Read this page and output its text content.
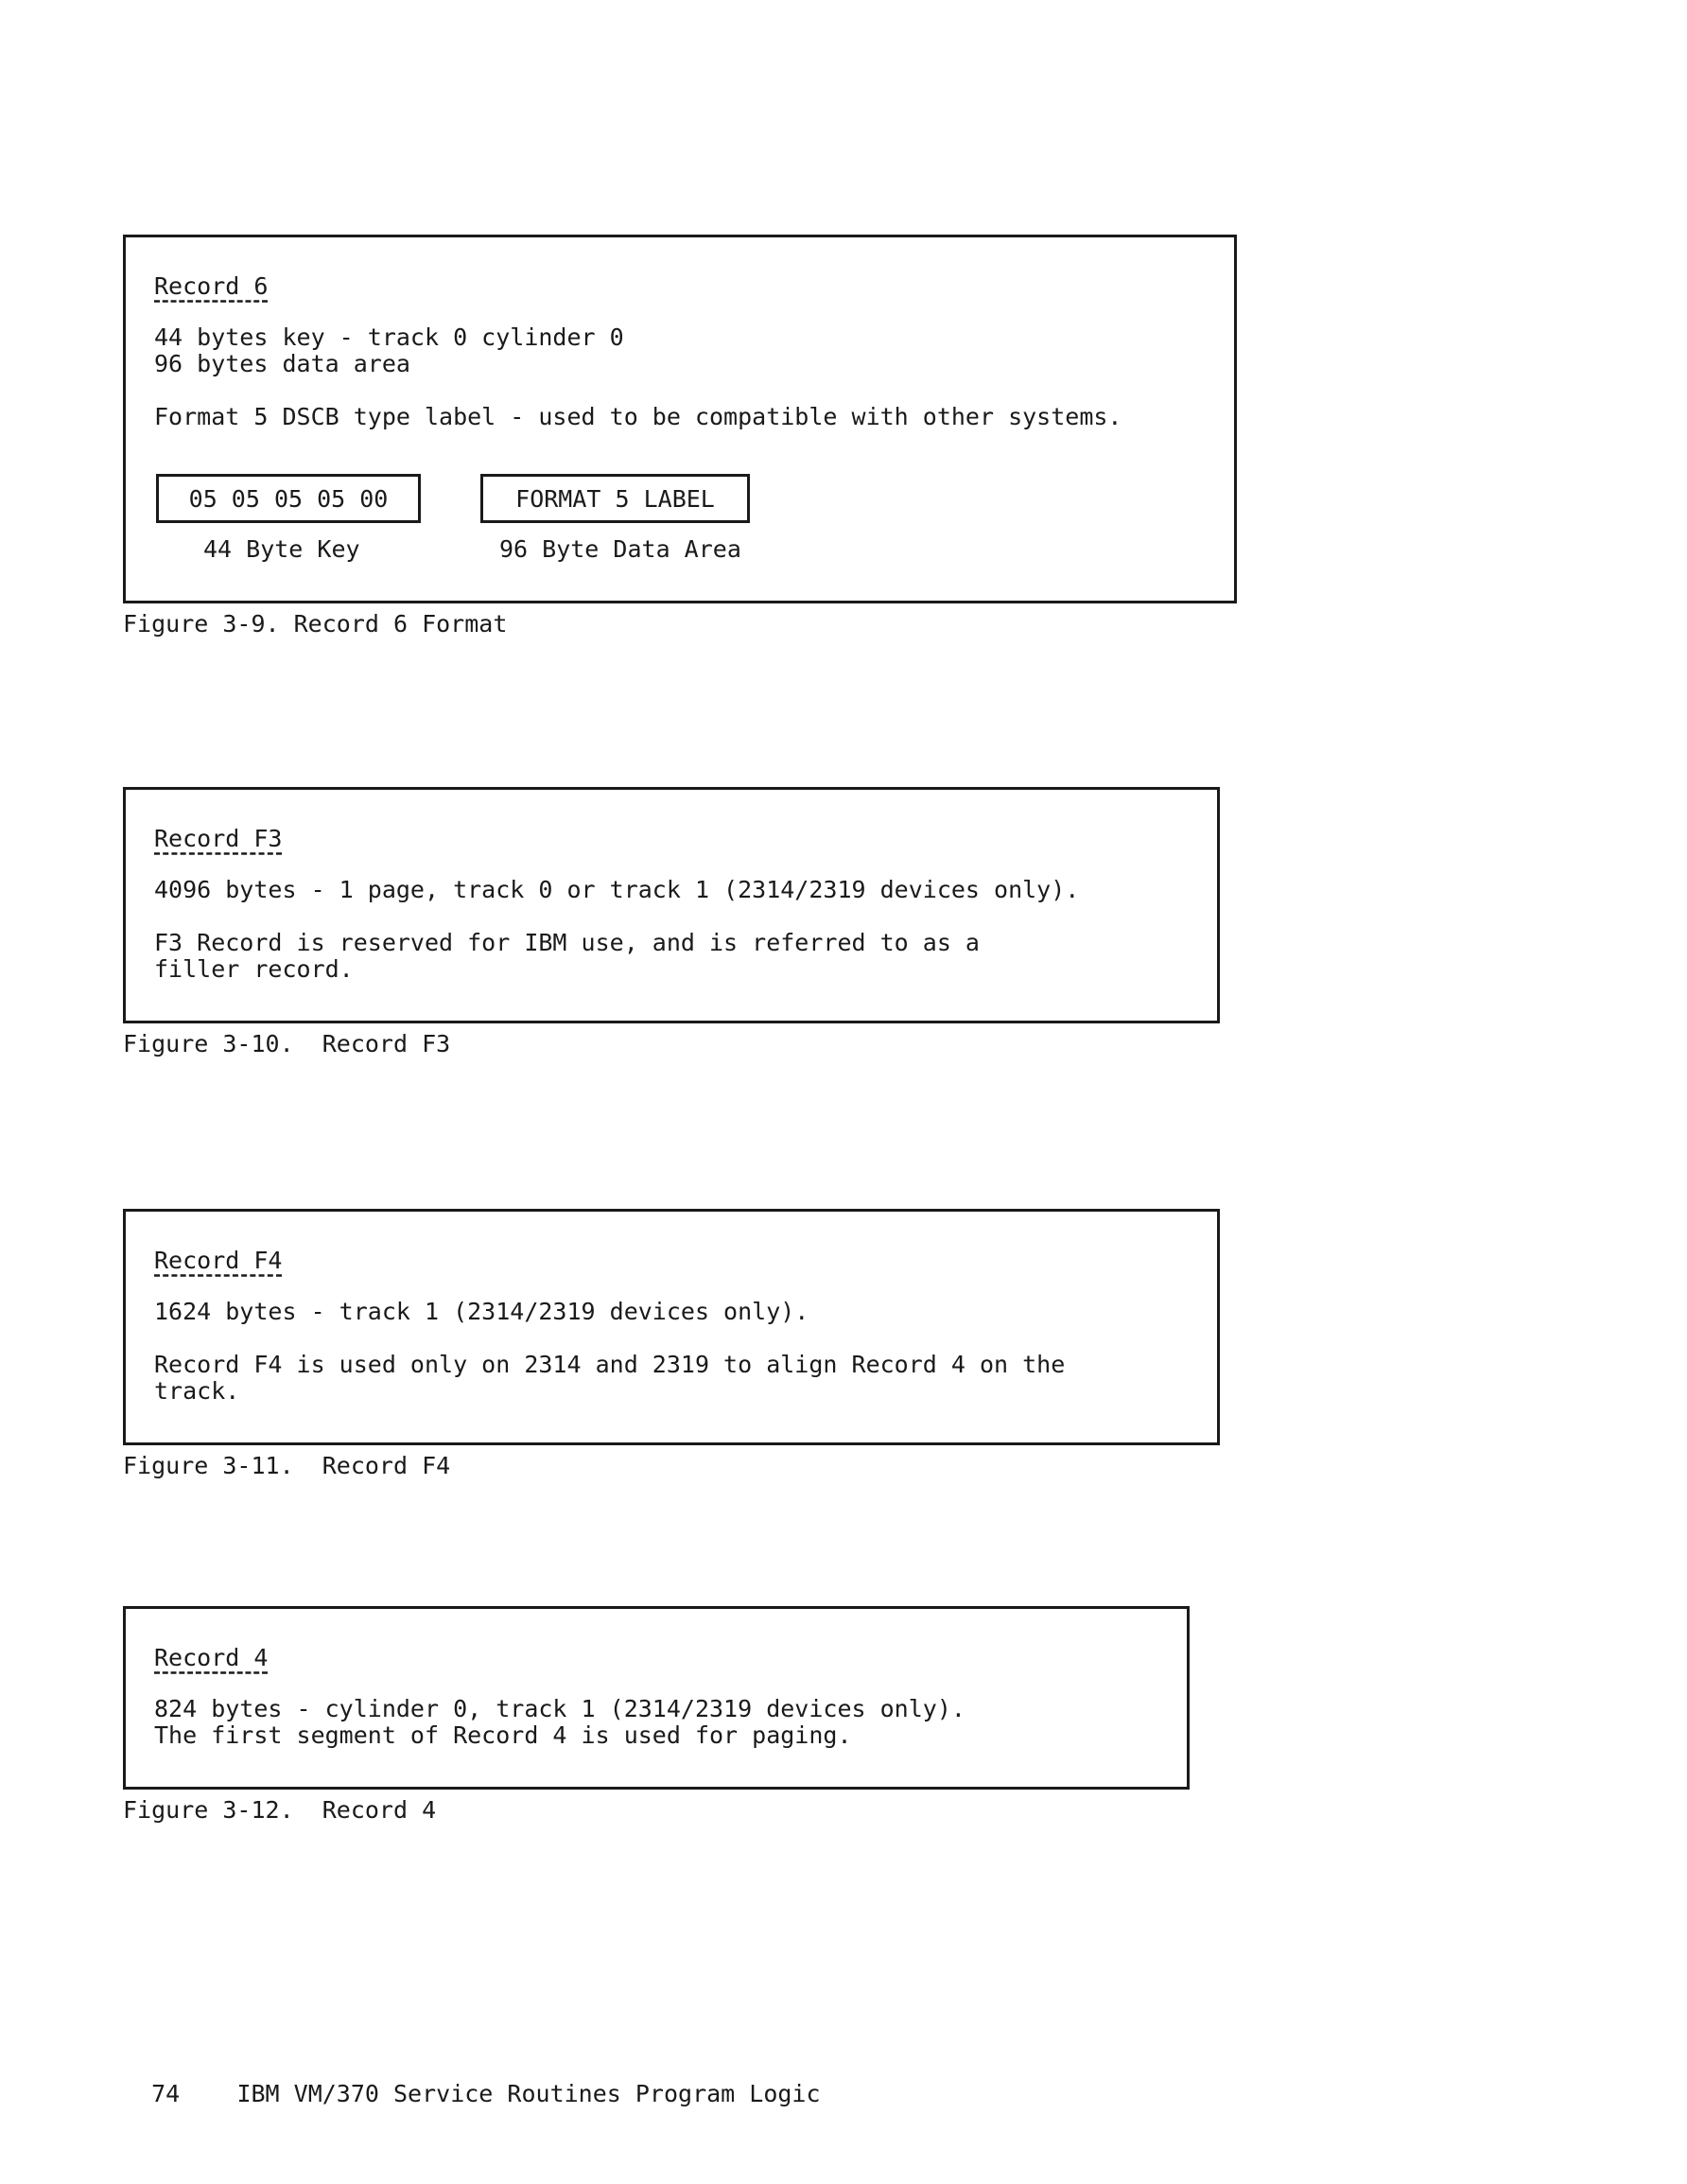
Record 6
44 bytes key - track 0 cylinder 0
96 bytes data area
Format 5 DSCB type label - used to be compatible with other systems.
05 05 05 05 00
44 Byte Key
FORMAT 5 LABEL
96 Byte Data Area
Figure 3-9. Record 6 Format
Record F3
4096 bytes - 1 page, track 0 or track 1 (2314/2319 devices only).
F3 Record is reserved for IBM use, and is referred to as a
filler record.
Figure 3-10.  Record F3
Record F4
1624 bytes - track 1 (2314/2319 devices only).
Record F4 is used only on 2314 and 2319 to align Record 4 on the
track.
Figure 3-11.  Record F4
Record 4
824 bytes - cylinder 0, track 1 (2314/2319 devices only).
The first segment of Record 4 is used for paging.
Figure 3-12.  Record 4

74 IBM VM/370 Service Routines Program Logic
